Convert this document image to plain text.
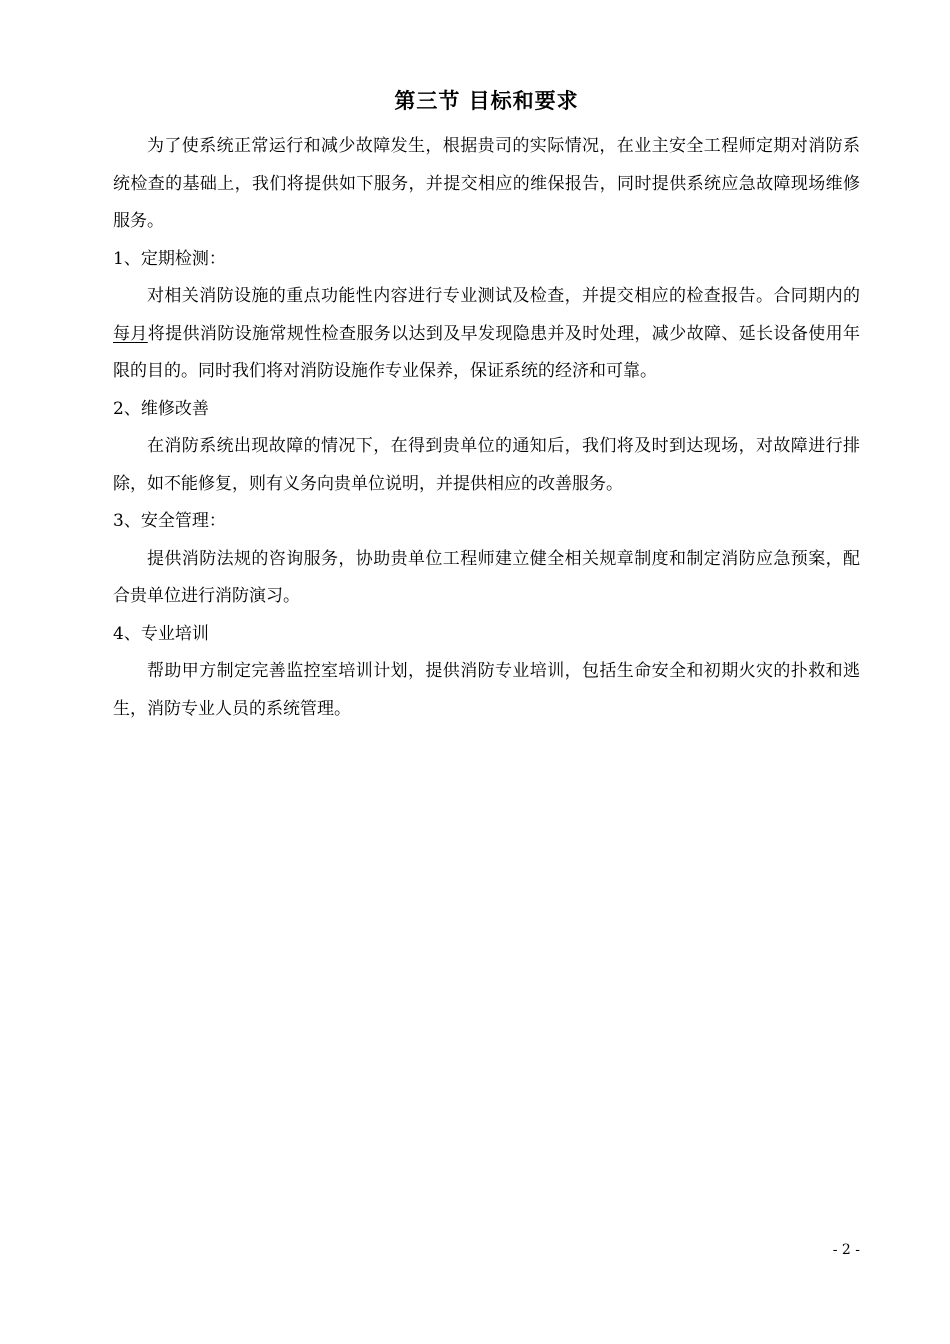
第三节 目标和要求

为了使系统正常运行和减少故障发生，根据贵司的实际情况，在业主安全工程师定期对消防系统检查的基础上，我们将提供如下服务，并提交相应的维保报告，同时提供系统应急故障现场维修服务。

1、定期检测：

对相关消防设施的重点功能性内容进行专业测试及检查，并提交相应的检查报告。合同期内的每月将提供消防设施常规性检查服务以达到及早发现隐患并及时处理，减少故障、延长设备使用年限的目的。同时我们将对消防设施作专业保养，保证系统的经济和可靠。

2、维修改善

在消防系统出现故障的情况下，在得到贵单位的通知后，我们将及时到达现场，对故障进行排除，如不能修复，则有义务向贵单位说明，并提供相应的改善服务。

3、安全管理：

提供消防法规的咨询服务，协助贵单位工程师建立健全相关规章制度和制定消防应急预案，配合贵单位进行消防演习。

4、专业培训

帮助甲方制定完善监控室培训计划，提供消防专业培训，包括生命安全和初期火灾的扑救和逃生，消防专业人员的系统管理。

- 2 -
